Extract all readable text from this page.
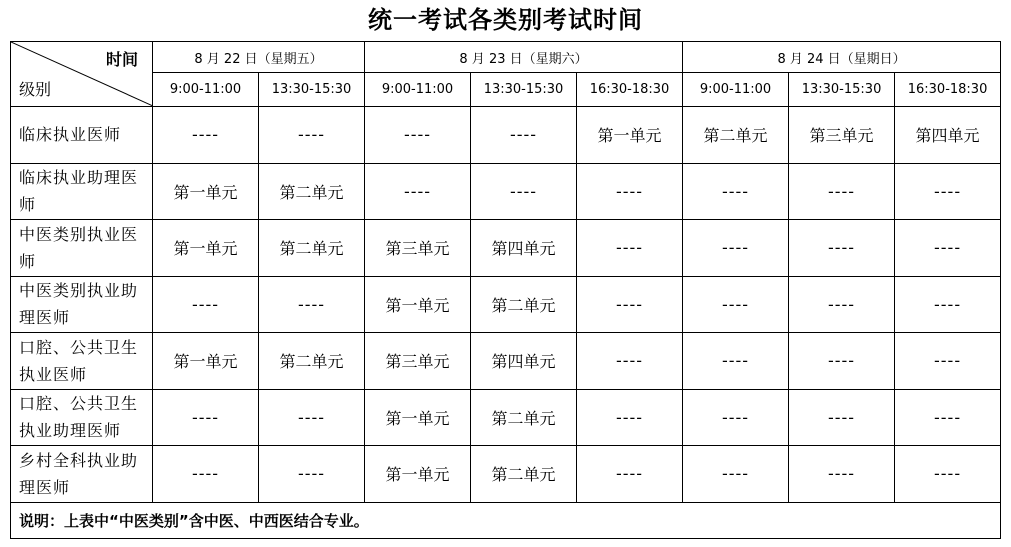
统一考试各类别考试时间
时间
级别	8 月 22 日（星期五）		8 月 23 日（星期六）			8 月 24 日（星期日）		
	9:00-11:00	13:30-15:30	9:00-11:00	13:30-15:30	16:30-18:30	9:00-11:00	13:30-15:30	16:30-18:30
临床执业医师	----	----	----	----	第一单元	第二单元	第三单元	第四单元
临床执业助理医师	第一单元	第二单元	----	----	----	----	----	----
中医类别执业医师	第一单元	第二单元	第三单元	第四单元	----	----	----	----
中医类别执业助理医师	----	----	第一单元	第二单元	----	----	----	----
口腔、公共卫生执业医师	第一单元	第二单元	第三单元	第四单元	----	----	----	----
口腔、公共卫生执业助理医师	----	----	第一单元	第二单元	----	----	----	----
乡村全科执业助理医师	----	----	第一单元	第二单元	----	----	----	----
说明：上表中“中医类别”含中医、中西医结合专业。								
